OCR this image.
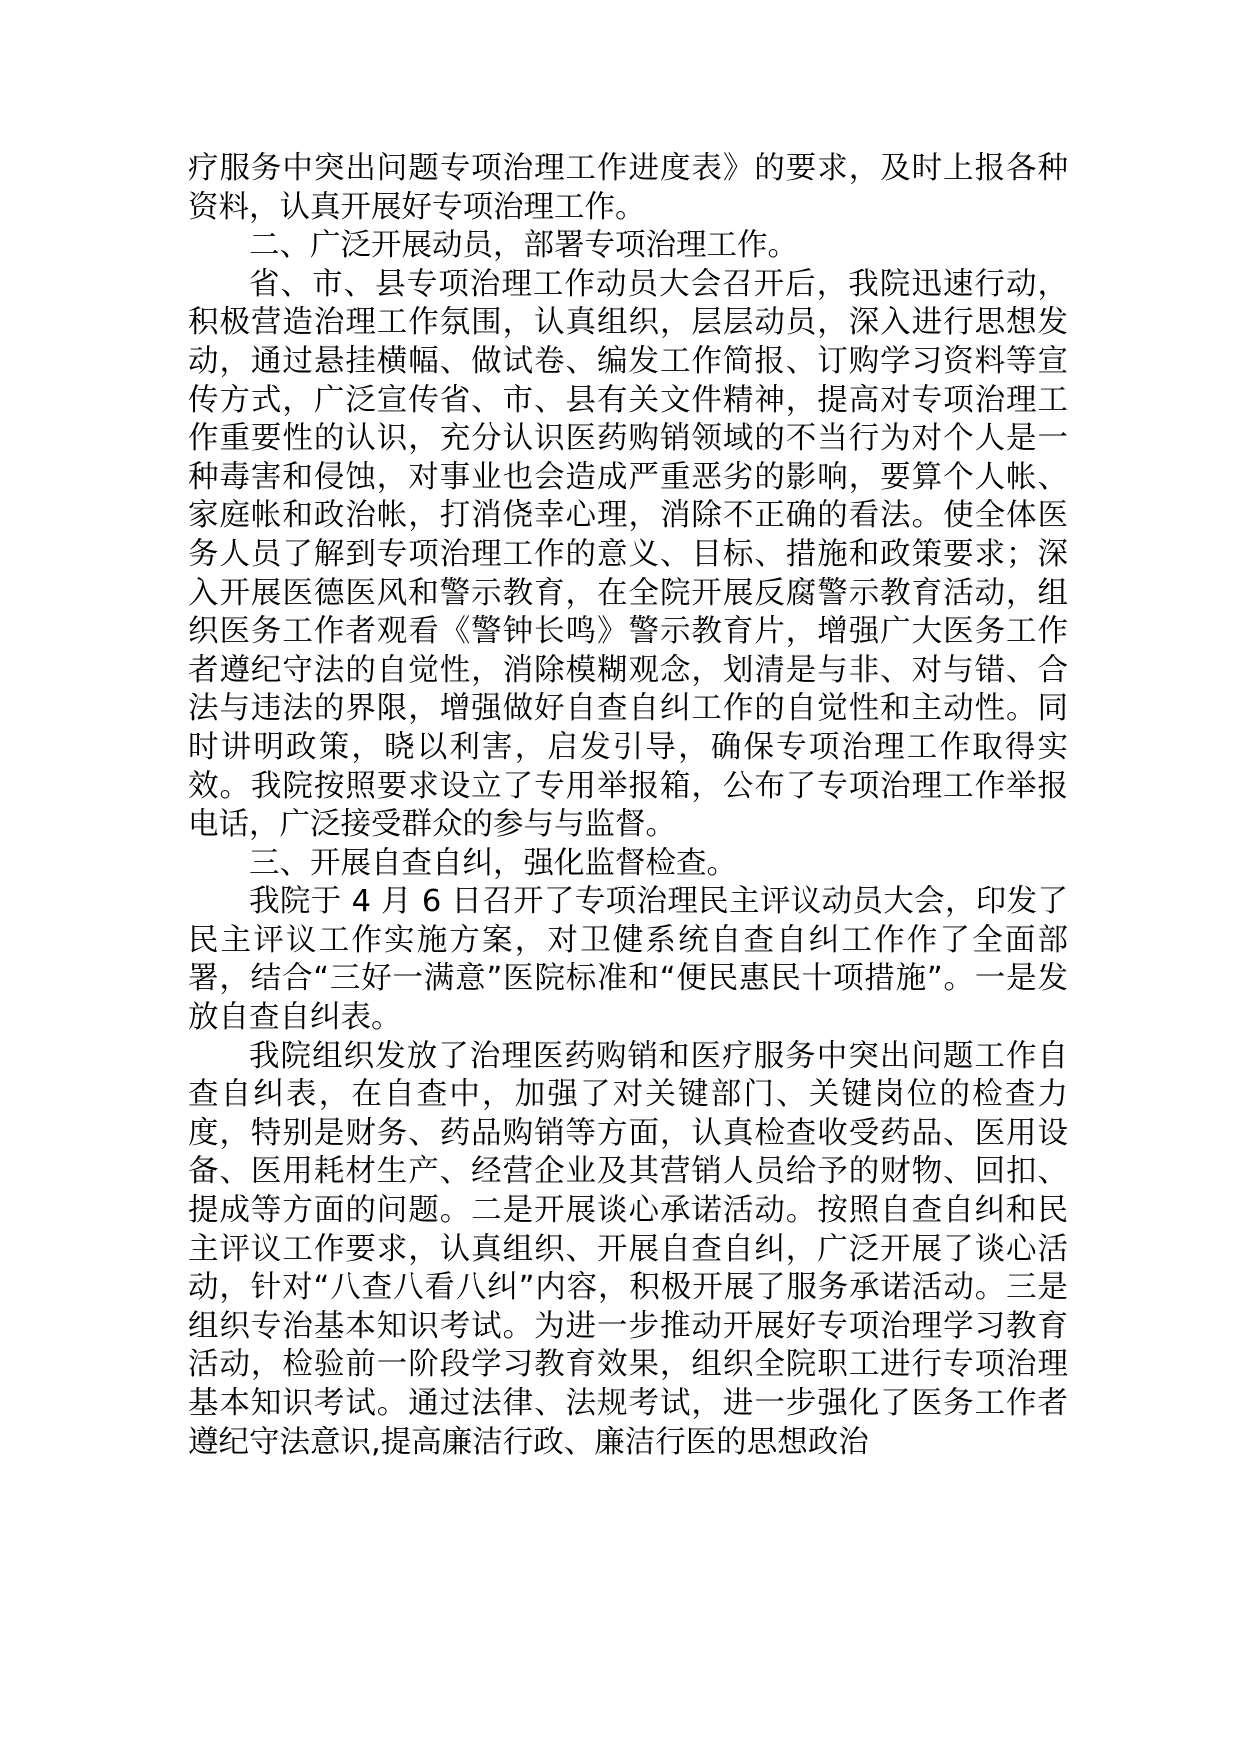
疗服务中突出问题专项治理工作进度表》的要求，及时上报各种资料，认真开展好专项治理工作。

二、广泛开展动员，部署专项治理工作。

省、市、县专项治理工作动员大会召开后，我院迅速行动，积极营造治理工作氛围，认真组织，层层动员，深入进行思想发动，通过悬挂横幅、做试卷、编发工作简报、订购学习资料等宣传方式，广泛宣传省、市、县有关文件精神，提高对专项治理工作重要性的认识，充分认识医药购销领域的不当行为对个人是一种毒害和侵蚀，对事业也会造成严重恶劣的影响，要算个人帐、家庭帐和政治帐，打消侥幸心理，消除不正确的看法。使全体医务人员了解到专项治理工作的意义、目标、措施和政策要求；深入开展医德医风和警示教育，在全院开展反腐警示教育活动，组织医务工作者观看《警钟长鸣》警示教育片，增强广大医务工作者遵纪守法的自觉性，消除模糊观念，划清是与非、对与错、合法与违法的界限，增强做好自查自纠工作的自觉性和主动性。同时讲明政策，晓以利害，启发引导，确保专项治理工作取得实效。我院按照要求设立了专用举报箱，公布了专项治理工作举报电话，广泛接受群众的参与与监督。

三、开展自查自纠，强化监督检查。

我院于 4 月 6 日召开了专项治理民主评议动员大会，印发了民主评议工作实施方案，对卫健系统自查自纠工作作了全面部署，结合“三好一满意”医院标准和“便民惠民十项措施”。一是发放自查自纠表。

我院组织发放了治理医药购销和医疗服务中突出问题工作自查自纠表，在自查中，加强了对关键部门、关键岗位的检查力度，特别是财务、药品购销等方面，认真检查收受药品、医用设备、医用耗材生产、经营企业及其营销人员给予的财物、回扣、提成等方面的问题。二是开展谈心承诺活动。按照自查自纠和民主评议工作要求，认真组织、开展自查自纠，广泛开展了谈心活动，针对“八查八看八纠”内容，积极开展了服务承诺活动。三是组织专治基本知识考试。为进一步推动开展好专项治理学习教育活动，检验前一阶段学习教育效果，组织全院职工进行专项治理基本知识考试。通过法律、法规考试，进一步强化了医务工作者遵纪守法意识,提高廉洁行政、廉洁行医的思想政治
